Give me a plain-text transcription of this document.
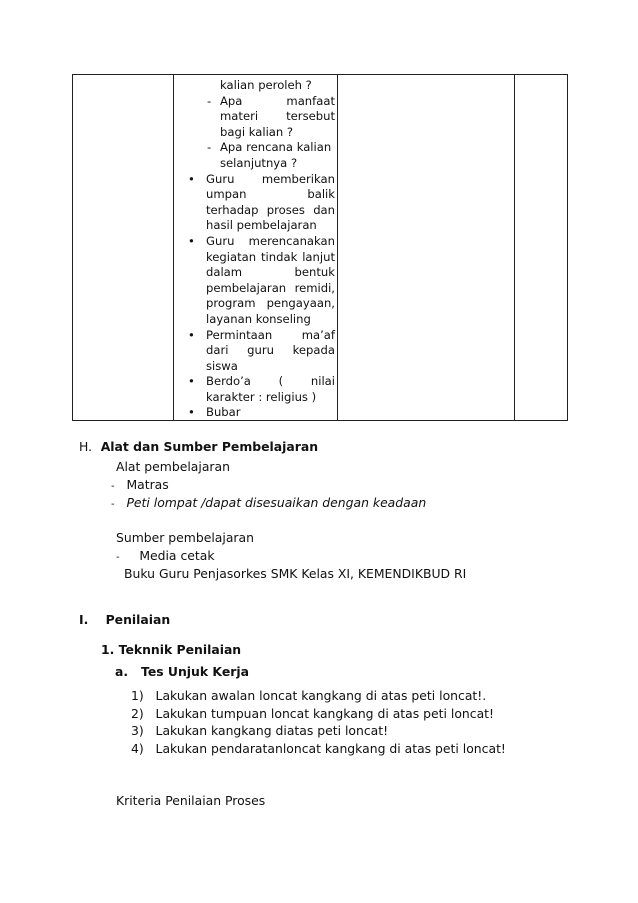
kalian peroleh ?
- Apa	manfaat
materi tersebut
bagi kalian ?
- Apa rencana kalian
selanjutnya ?
• Guru memberikan
umpan	balik
terhadap proses dan
hasil pembelajaran
• Guru merencanakan
kegiatan tindak lanjut
dalam	bentuk
pembelajaran remidi,
program pengayaan,
layanan konseling
• Permintaan	ma’af
dari guru kepada
siswa
• Berdo’a ( nilai
karakter : religius )
• Bubar
H. Alat dan Sumber Pembelajaran
Alat pembelajaran
- Matras
- Peti lompat /dapat disesuaikan dengan keadaan
Sumber pembelajaran
- Media cetak
Buku Guru Penjasorkes SMK Kelas XI, KEMENDIKBUD RI
I. Penilaian
1. Teknnik Penilaian
a. Tes Unjuk Kerja
1) Lakukan awalan loncat kangkang di atas peti loncat!.
2) Lakukan tumpuan loncat kangkang di atas peti loncat!
3) Lakukan kangkang diatas peti loncat!
4) Lakukan pendaratanloncat kangkang di atas peti loncat!
Kriteria Penilaian Proses
